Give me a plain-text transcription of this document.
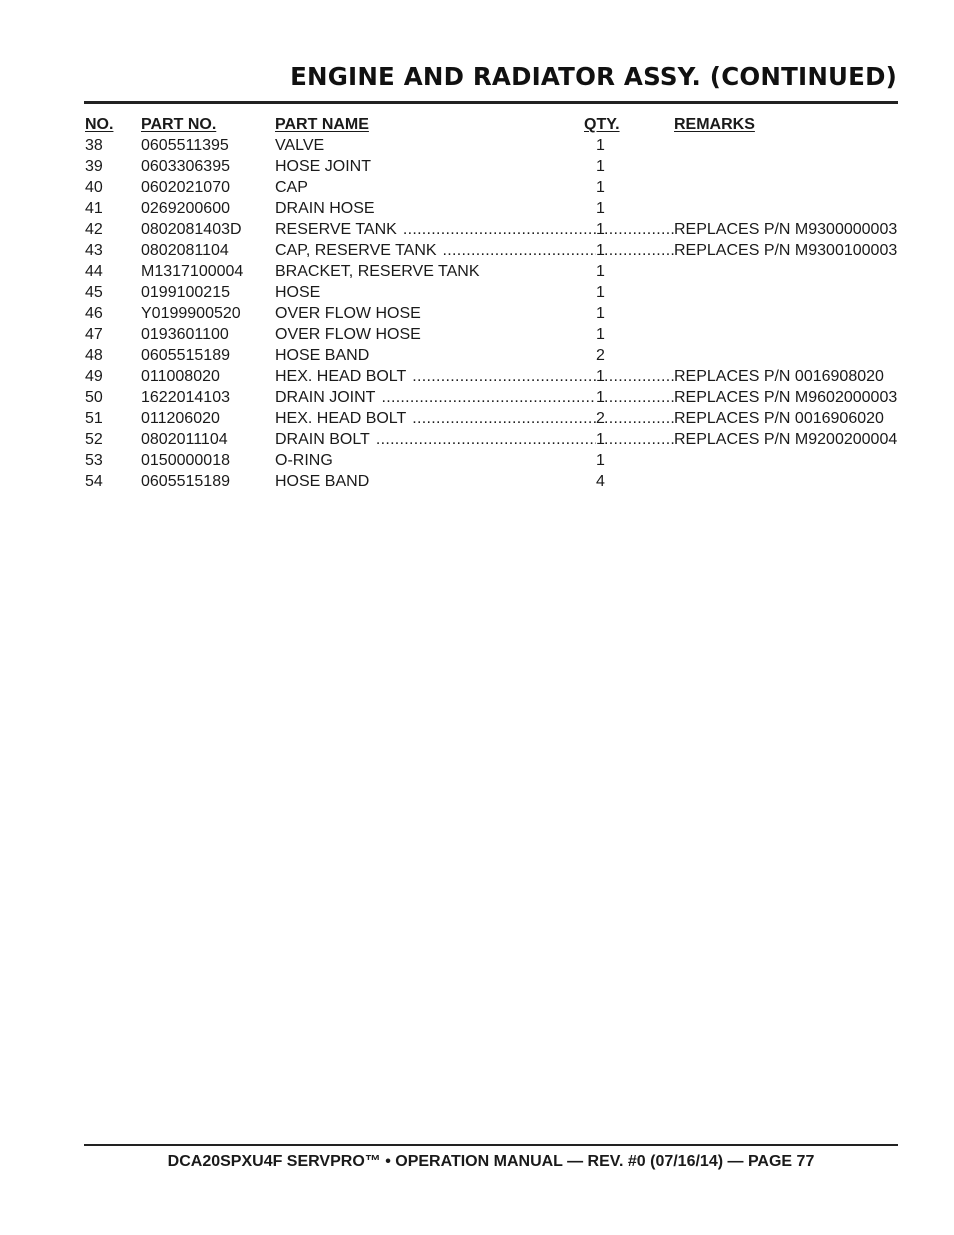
ENGINE AND RADIATOR ASSY. (CONTINUED)
NO. PART NO.	PART NAME	QTY.	REMARKS
38 0605511395	VALVE	1
39 0603306395	HOSE JOINT	1
40 0602021070	CAP	1
41 0269200600	DRAIN HOSE	1
42 0802081403D RESERVE TANK .....	1 .....	REPLACES P/N M9300000003
43 0802081104	CAP, RESERVE TANK .....	1 .....	REPLACES P/N M9300100003
44 M1317100004 BRACKET, RESERVE TANK	1
45 0199100215	HOSE	1
46 Y0199900520 OVER FLOW HOSE	1
47 0193601100	OVER FLOW HOSE	1
48 0605515189	HOSE BAND	2
49 011008020	HEX. HEAD BOLT .....	1 .....	REPLACES P/N 0016908020
50 1622014103	DRAIN JOINT .....	1 .....	REPLACES P/N M9602000003
51 011206020	HEX. HEAD BOLT .....	2 .....	REPLACES P/N 0016906020
52 0802011104	DRAIN BOLT .....	1 .....	REPLACES P/N M9200200004
53 0150000018	O-RING	1
54 0605515189	HOSE BAND	4
DCA20SPXU4F SERVPRO™ • OPERATION MANUAL — REV. #0 (07/16/14) — PAGE 77
